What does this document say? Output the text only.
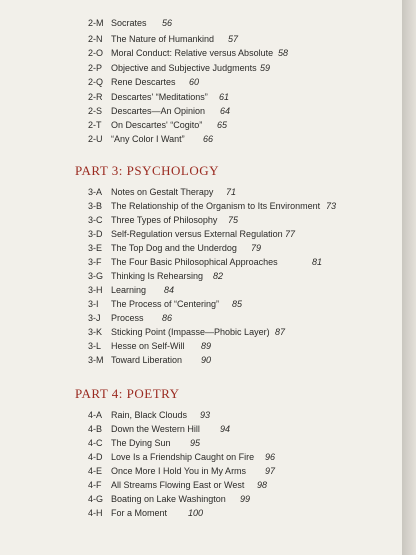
2-M Socrates 56
2-N The Nature of Humankind 57
2-O Moral Conduct: Relative versus Absolute 58
2-P Objective and Subjective Judgments 59
2-Q Rene Descartes 60
2-R Descartes' “Meditations” 61
2-S Descartes—An Opinion 64
2-T	On Descartes' “Cogito” 65
2-U “Any Color I Want” 66
PART 3: PSYCHOLOGY
3-A Notes on Gestalt Therapy 71
3-B The Relationship of the Organism to Its Environment 73
3-C Three Types of Philosophy 75
3-D Self-Regulation versus External Regulation 77
3-E The Top Dog and the Underdog 79
3-F	The Four Basic Philosophical Approaches	81
3-G Thinking Is Rehearsing 82
3-H Learning 84
3-I	The Process of “Centering” 85
3-J	Process 86
3-K Sticking Point (Impasse—Phobic Layer) 87
3-L	Hesse on Self-Will 89
3-M Toward Liberation 90
PART 4: POETRY
4-A Rain, Black Clouds 93
4-B Down the Western Hill 94
4-C The Dying Sun 95
4-D Love Is a Friendship Caught on Fire 96
4-E Once More I Hold You in My Arms 97
4-F	All Streams Flowing East or West 98
4-G Boating on Lake Washington 99
4-H For a Moment 100
